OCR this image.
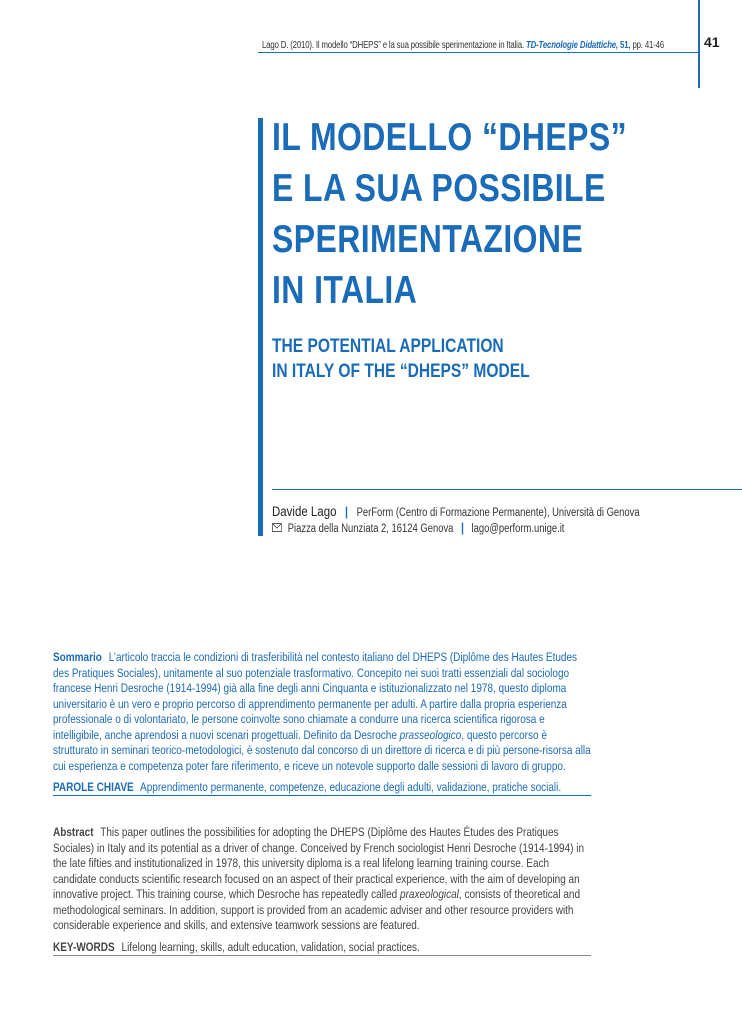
Lago D. (2010). Il modello “DHEPS” e la sua possibile sperimentazione in Italia. TD-Tecnologie Didattiche, 51, pp. 41-46	41
IL MODELLO “DHEPS”
E LA SUA POSSIBILE
SPERIMENTAZIONE
IN ITALIA
THE POTENTIAL APPLICATION
IN ITALY OF THE “DHEPS” MODEL
Davide Lago | PerForm (Centro di Formazione Permanente), Università di Genova
Piazza della Nunziata 2, 16124 Genova | lago@perform.unige.it
Sommario L’articolo traccia le condizioni di trasferibilità nel contesto italiano del DHEPS (Diplôme des Hautes Etudes des Pratiques Sociales), unitamente al suo potenziale trasformativo. Concepito nei suoi tratti essenziali dal sociologo francese Henri Desroche (1914-1994) già alla fine degli anni Cinquanta e istituzionalizzato nel 1978, questo diploma universitario è un vero e proprio percorso di apprendimento permanente per adulti. A partire dalla propria esperienza professionale o di volontariato, le persone coinvolte sono chiamate a condurre una ricerca scientifica rigorosa e intelligibile, anche aprendosi a nuovi scenari progettuali. Definito da Desroche prasseologico, questo percorso è strutturato in seminari teorico-metodologici, è sostenuto dal concorso di un direttore di ricerca e di più persone-risorsa alla cui esperienza e competenza poter fare riferimento, e riceve un notevole supporto dalle sessioni di lavoro di gruppo.
PAROLE CHIAVE Apprendimento permanente, competenze, educazione degli adulti, validazione, pratiche sociali.
Abstract This paper outlines the possibilities for adopting the DHEPS (Diplôme des Hautes Études des Pratiques Sociales) in Italy and its potential as a driver of change. Conceived by French sociologist Henri Desroche (1914-1994) in the late fifties and institutionalized in 1978, this university diploma is a real lifelong learning training course. Each candidate conducts scientific research focused on an aspect of their practical experience, with the aim of developing an innovative project. This training course, which Desroche has repeatedly called praxeological, consists of theoretical and methodological seminars. In addition, support is provided from an academic adviser and other resource providers with considerable experience and skills, and extensive teamwork sessions are featured.
KEY-WORDS Lifelong learning, skills, adult education, validation, social practices.
